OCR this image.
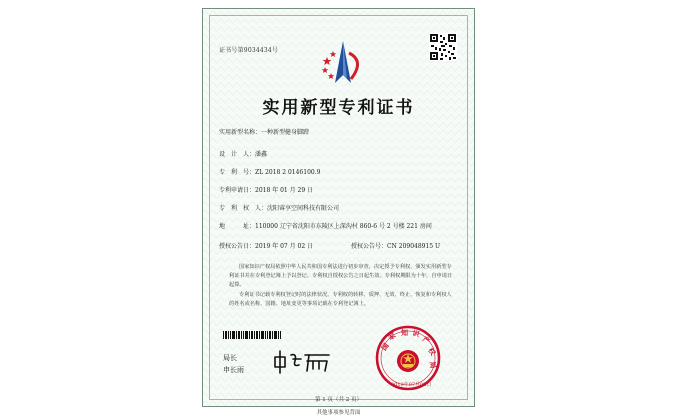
证书号第9034434号
实用新型专利证书
实用新型名称：一种新型健身脚蹬
设　计　人：潘鑫
专　利　号：ZL 2018 2 0146100.9
专利申请日：2018 年 01 月 29 日
专　利　权　人：沈阳睿享空间科技有限公司
地　　　址：110000 辽宁省沈阳市东陵区上深沟村 860-6 号 2 号楼 221 房间
授权公告日：2019 年 07 月 02 日	授权公告号：CN 209048915 U
国家知识产权局依照中华人民共和国专利法进行初步审查，决定授予专利权，颁发实用新型专利证书并在专利登记簿上予以登记。专利权自授权公告之日起生效。专利权期限为十年，自申请日起算。
专利证书记载专利权登记时的法律状况。专利权的转移、质押、无效、终止、恢复和专利权人的姓名或名称、国籍、地址变更等事项记载在专利登记簿上。
局长
申长雨
国
家 知 识
产
权
局
2019年07月02日
第 1 页（共 2 页）
其他事项参见背面
